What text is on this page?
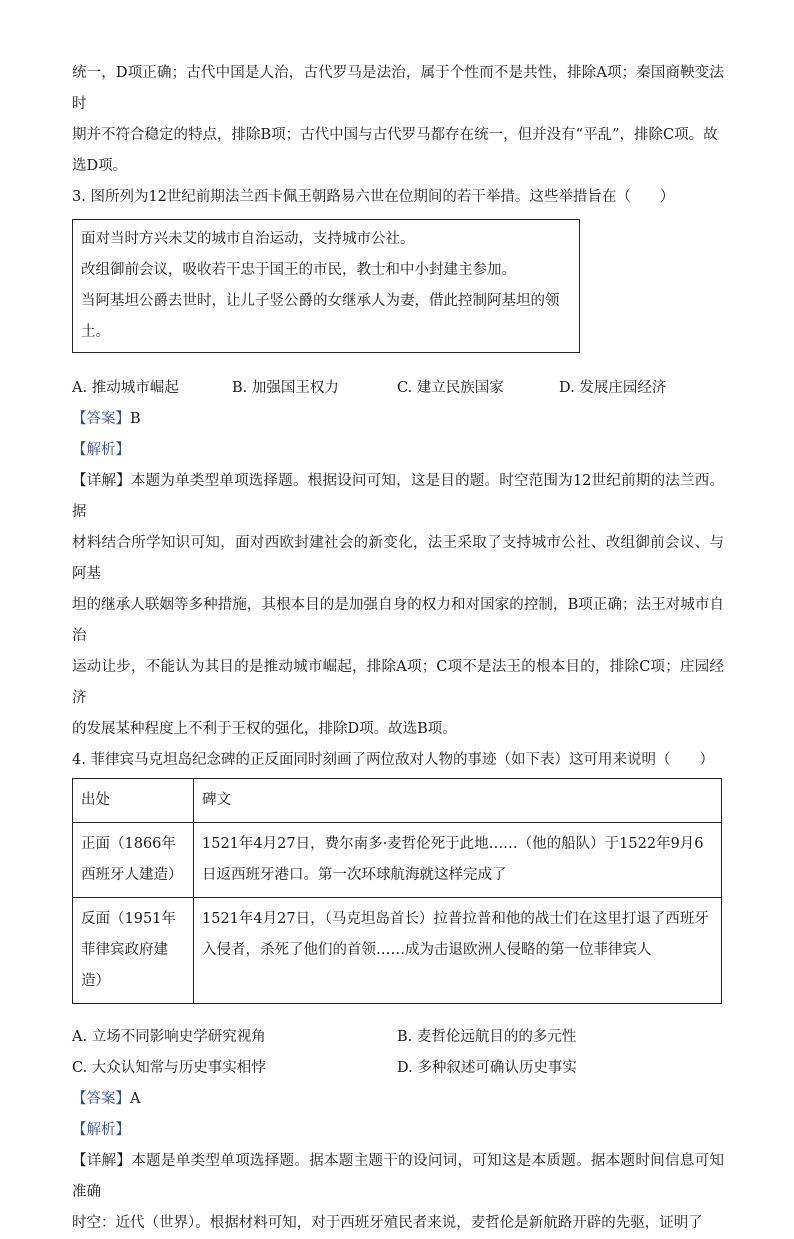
统一，D项正确；古代中国是人治，古代罗马是法治，属于个性而不是共性，排除A项；秦国商鞅变法时

期并不符合稳定的特点，排除B项；古代中国与古代罗马都存在统一，但并没有“平乱”，排除C项。故

选D项。

3. 图所列为12世纪前期法兰西卡佩王朝路易六世在位期间的若干举措。这些举措旨在（　　）

面对当时方兴未艾的城市自治运动，支持城市公社。
改组御前会议，吸收若干忠于国王的市民，教士和中小封建主参加。
当阿基坦公爵去世时，让儿子竖公爵的女继承人为妻，借此控制阿基坦的领土。
A. 推动城市崛起	B. 加强国王权力	C. 建立民族国家	D. 发展庄园经济

【答案】B

【解析】

【详解】本题为单类型单项选择题。根据设问可知，这是目的题。时空范围为12世纪前期的法兰西。据

材料结合所学知识可知，面对西欧封建社会的新变化，法王采取了支持城市公社、改组御前会议、与阿基

坦的继承人联姻等多种措施，其根本目的是加强自身的权力和对国家的控制，B项正确；法王对城市自治

运动让步，不能认为其目的是推动城市崛起，排除A项；C项不是法王的根本目的，排除C项；庄园经济

的发展某种程度上不利于王权的强化，排除D项。故选B项。

4. 菲律宾马克坦岛纪念碑的正反面同时刻画了两位敌对人物的事迹（如下表）这可用来说明（　　）

出处	碑文
正面（1866年西班牙人建造）	1521年4月27日，费尔南多·麦哲伦死于此地……（他的船队）于1522年9月6日返西班牙港口。第一次环球航海就这样完成了
反面（1951年菲律宾政府建造）	1521年4月27日，（马克坦岛首长）拉普拉普和他的战士们在这里打退了西班牙入侵者，杀死了他们的首领……成为击退欧洲人侵略的第一位菲律宾人
A. 立场不同影响史学研究视角	B. 麦哲伦远航目的的多元性
C. 大众认知常与历史事实相悖	D. 多种叙述可确认历史事实

【答案】A

【解析】

【详解】本题是单类型单项选择题。据本题主题干的设问词，可知这是本质题。据本题时间信息可知准确

时空：近代（世界）。根据材料可知，对于西班牙殖民者来说，麦哲伦是新航路开辟的先驱，证明了
